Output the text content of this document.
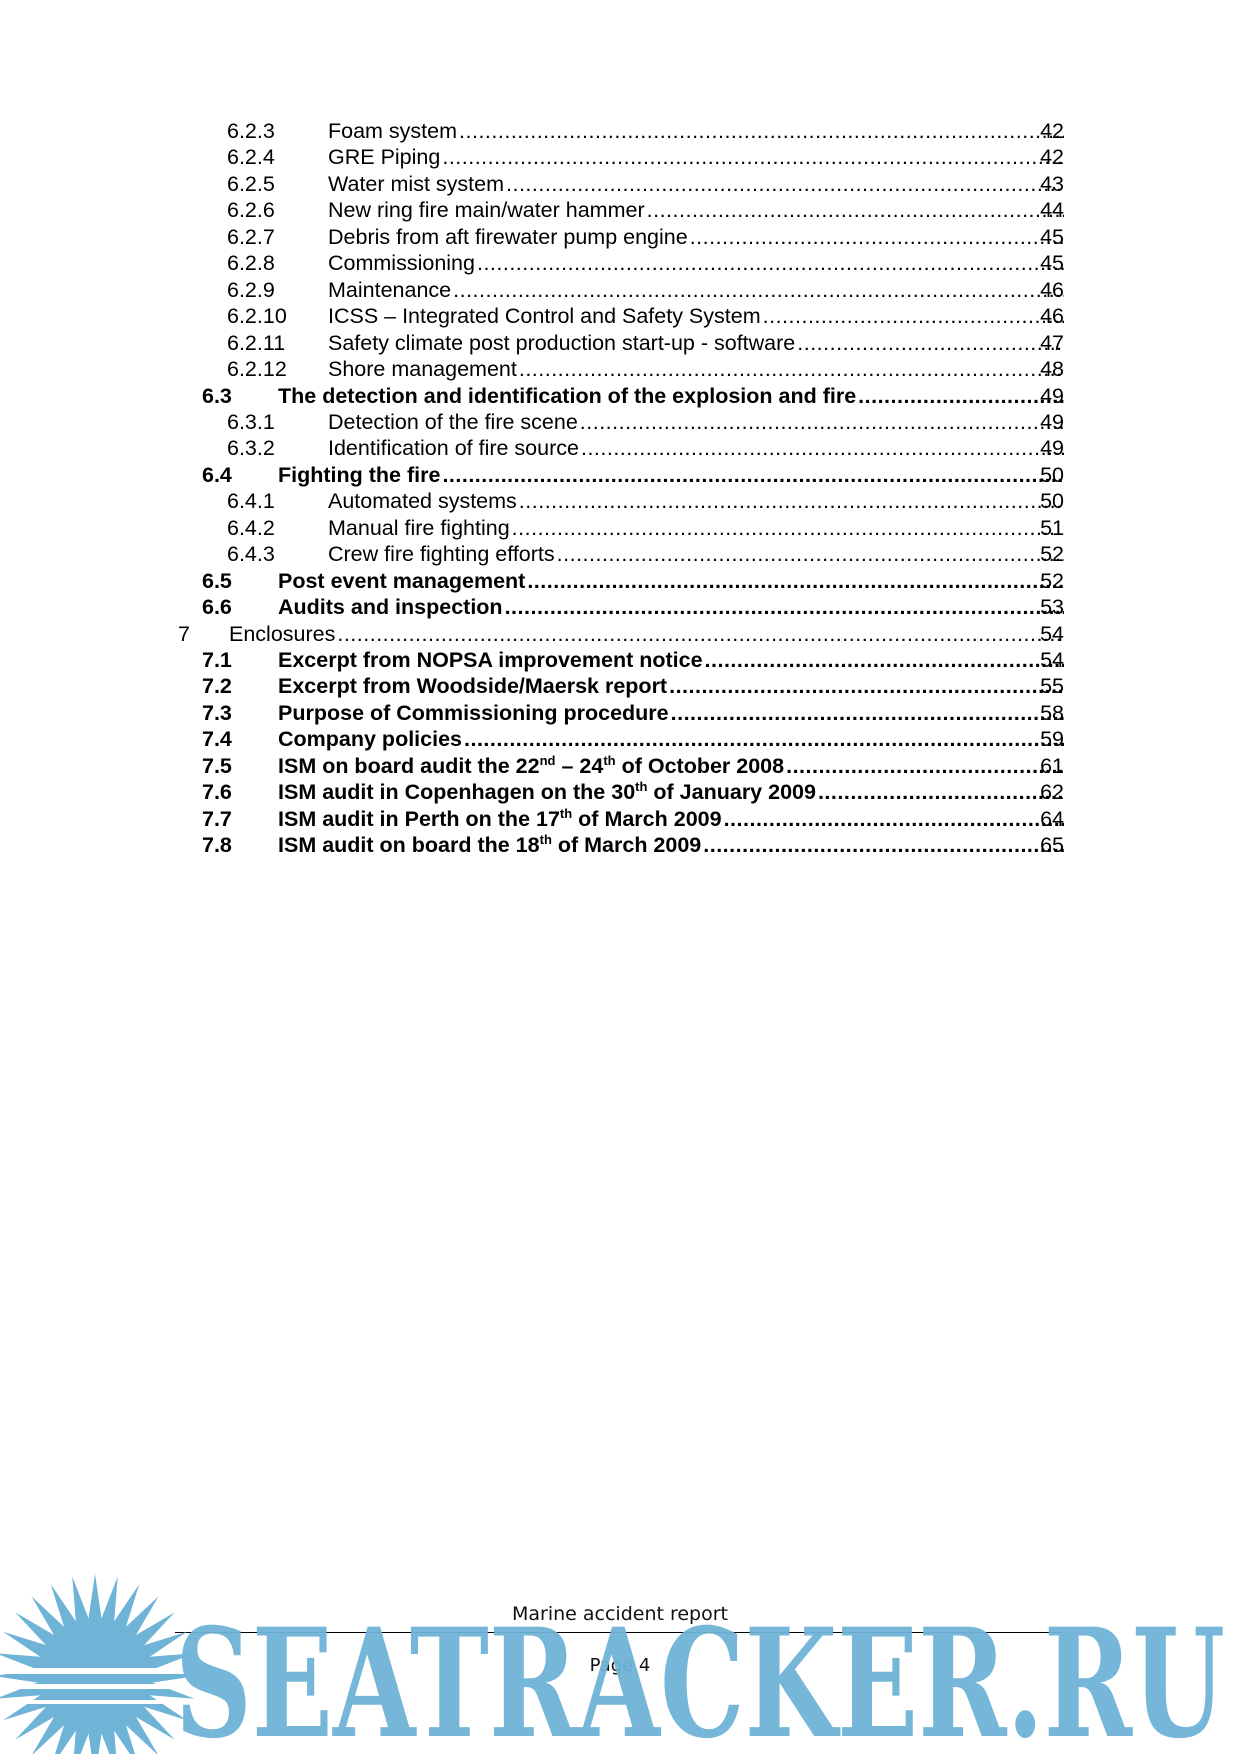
6.2.3 Foam system .....	42
6.2.4 GRE Piping .....	42
6.2.5 Water mist system .....	43
6.2.6 New ring fire main/water hammer .....	44
6.2.7 Debris from aft firewater pump engine .....	45
6.2.8 Commissioning .....	45
6.2.9 Maintenance .....	46
6.2.10 ICSS – Integrated Control and Safety System .....	46
6.2.11 Safety climate post production start-up - software .....	47
6.2.12 Shore management .....	48
6.3 The detection and identification of the explosion and fire .....	49
6.3.1 Detection of the fire scene .....	49
6.3.2 Identification of fire source .....	49
6.4 Fighting the fire .....	50
6.4.1 Automated systems .....	50
6.4.2 Manual fire fighting .....	51
6.4.3 Crew fire fighting efforts .....	52
6.5 Post event management .....	52
6.6 Audits and inspection .....	53
7 Enclosures .....	54
7.1 Excerpt from NOPSA improvement notice .....	54
7.2 Excerpt from Woodside/Maersk report .....	55
7.3 Purpose of Commissioning procedure .....	58
7.4 Company policies .....	59
7.5 ISM on board audit the 22nd – 24th of October 2008 .....	61
7.6 ISM audit in Copenhagen on the 30th of January 2009 .....	62
7.7 ISM audit in Perth on the 17th of March 2009 .....	64
7.8 ISM audit on board the 18th of March 2009 .....	65
Marine accident report
Page 4
SEATRACKER.RU
